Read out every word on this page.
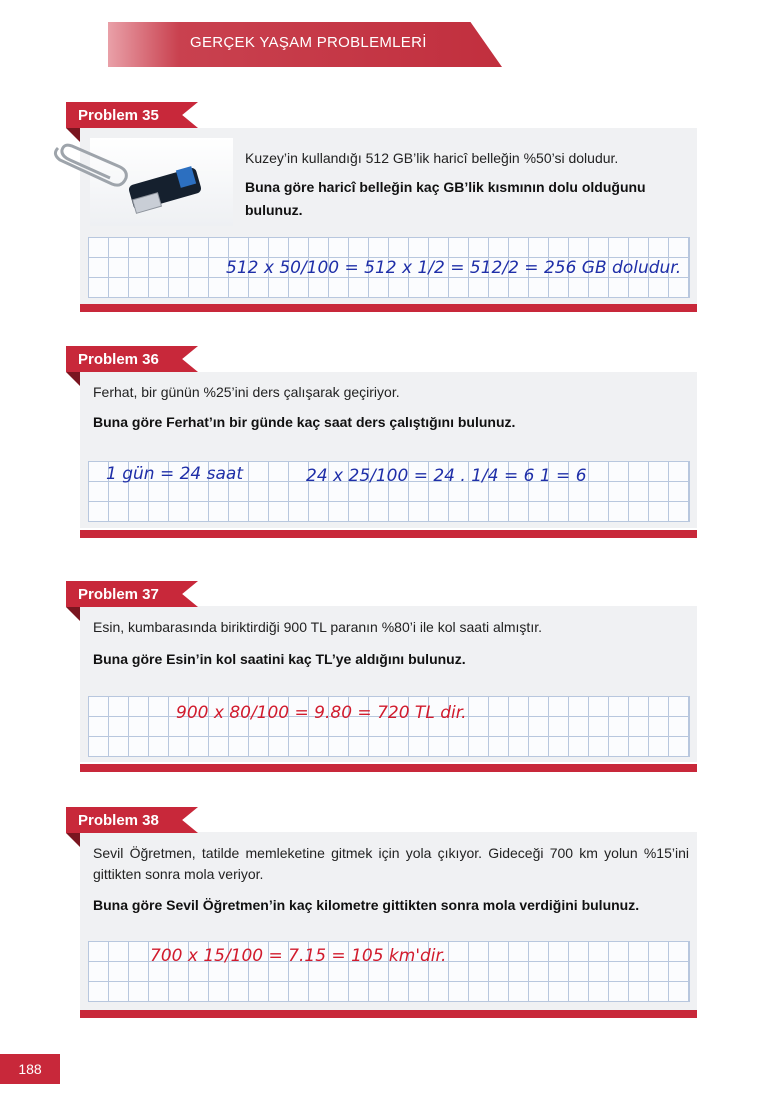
GERÇEK YAŞAM PROBLEMLERİ
Problem 35
Kuzey’in kullandığı 512 GB’lik haricî belleğin %50’si doludur.
Buna göre haricî belleğin kaç GB’lik kısmının dolu olduğunu bulunuz.
512 x 50/100 = 512 x 1/2 = 512/2 = 256 GB doludur.
Problem 36
Ferhat, bir günün %25’ini ders çalışarak geçiriyor.
Buna göre Ferhat’ın bir günde kaç saat ders çalıştığını bulunuz.
1 gün = 24 saat	24 x 25/100 = 24 . 1/4 = 6 1 = 6
Problem 37
Esin, kumbarasında biriktirdiği 900 TL paranın %80’i ile kol saati almıştır.
Buna göre Esin’in kol saatini kaç TL’ye aldığını bulunuz.
900 x 80/100 = 9.80 = 720 TL dir.
Problem 38
Sevil Öğretmen, tatilde memleketine gitmek için yola çıkıyor. Gideceği 700 km yolun %15’ini gittikten sonra mola veriyor.
Buna göre Sevil Öğretmen’in kaç kilometre gittikten sonra mola verdiğini bulunuz.
700 x 15/100 = 7.15 = 105 km'dir.
188
